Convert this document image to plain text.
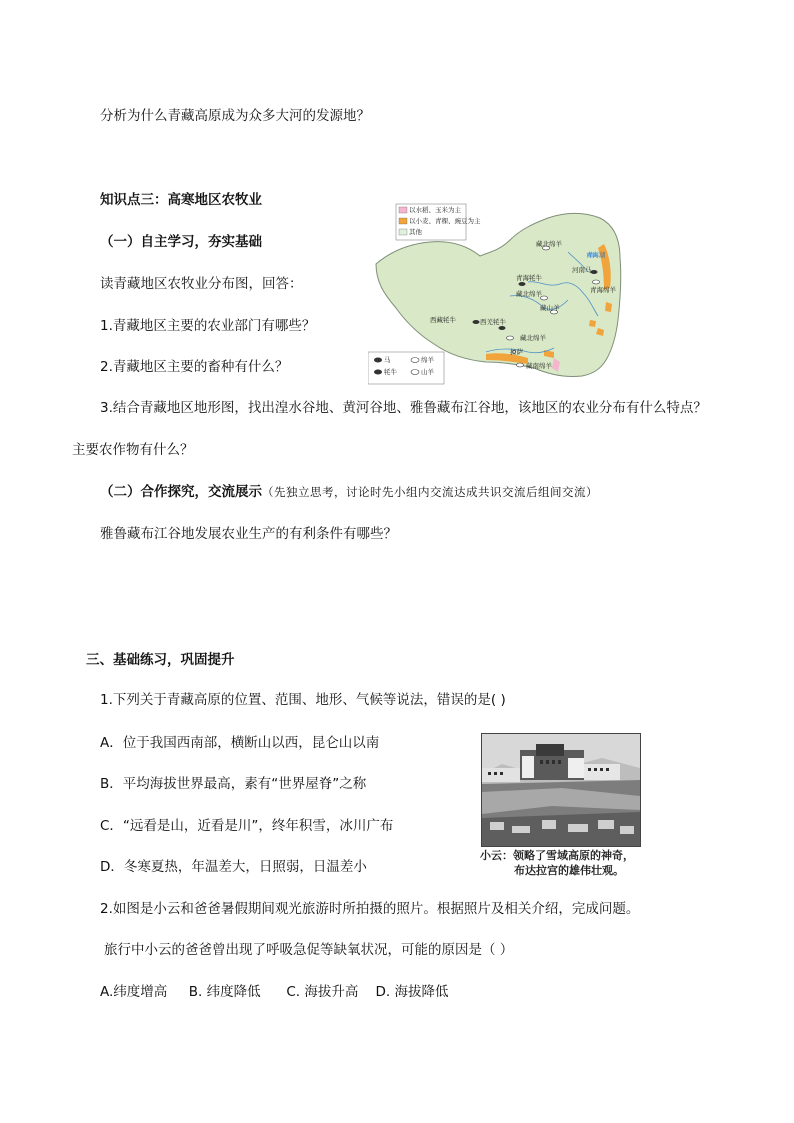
分析为什么青藏高原成为众多大河的发源地？
知识点三：高寒地区农牧业
（一）自主学习，夯实基础
读青藏地区农牧业分布图，回答：
1.青藏地区主要的农业部门有哪些？
2.青藏地区主要的畜种有什么？
3.结合青藏地区地形图，找出湟水谷地、黄河谷地、雅鲁藏布江谷地，该地区的农业分布有什么特点？
主要农作物有什么？
（二）合作探究，交流展示（先独立思考，讨论时先小组内交流达成共识交流后组间交流）
雅鲁藏布江谷地发展农业生产的有利条件有哪些？
以水稻、玉米为主
以小麦、青稞、豌豆为主
其他
藏北绵羊
青海湖
河南马
青海牦牛
青海绵羊
藏北绵羊
西藏牦牛	西羌牦牛
藏山羊
藏北绵羊
拉萨
藏南绵羊
马	绵羊
牦牛	山羊
三、基础练习，巩固提升
1.下列关于青藏高原的位置、范围、地形、气候等说法，错误的是( )
A．位于我国西南部，横断山以西，昆仑山以南
B．平均海拔世界最高，素有“世界屋脊”之称
C．“远看是山，近看是川”，终年积雪，冰川广布
D．冬寒夏热，年温差大，日照弱，日温差小
小云：领略了雪域高原的神奇，
布达拉宫的雄伟壮观。
2.如图是小云和爸爸暑假期间观光旅游时所拍摄的照片。根据照片及相关介绍，完成问题。
旅行中小云的爸爸曾出现了呼吸急促等缺氧状况，可能的原因是（ ）
A.纬度增高     B. 纬度降低      C. 海拔升高    D. 海拔降低
